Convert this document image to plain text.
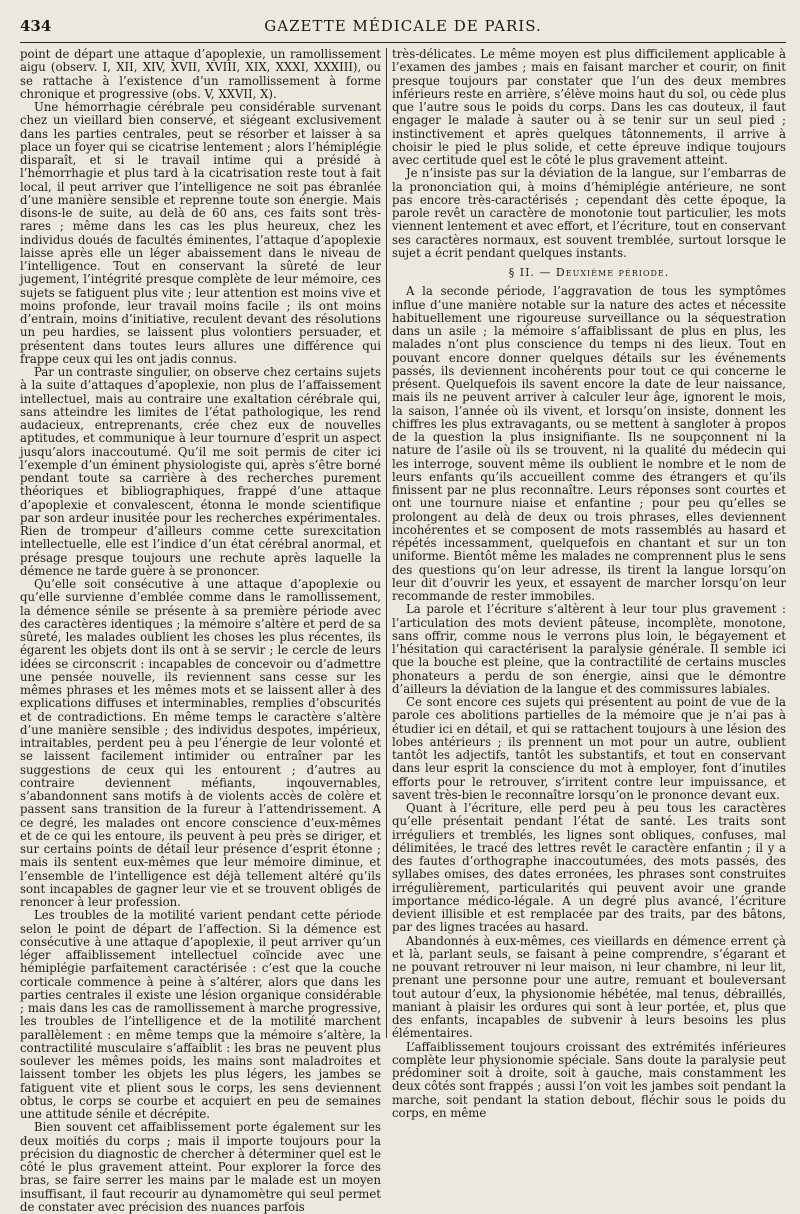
434	GAZETTE MÉDICALE DE PARIS.

point de départ une attaque d’apoplexie, un ramollissement aigu (observ. I, XII, XIV, XVII, XVIII, XIX, XXXI, XXXIII), ou se rattache à l’existence d’un ramollissement à forme chronique et progressive (obs. V, XXVII, X).

Une hémorrhagie cérébrale peu considérable survenant chez un vieillard bien conservé, et siégeant exclusivement dans les parties centrales, peut se résorber et laisser à sa place un foyer qui se cicatrise lentement ; alors l’hémiplégie disparaît, et si le travail intime qui a présidé à l’hémorrhagie et plus tard à la cicatrisation reste tout à fait local, il peut arriver que l’intelligence ne soit pas ébranlée d’une manière sensible et reprenne toute son énergie. Mais disons-le de suite, au delà de 60 ans, ces faits sont très-rares ; même dans les cas les plus heureux, chez les individus doués de facultés éminentes, l’attaque d’apoplexie laisse après elle un léger abaissement dans le niveau de l’intelligence. Tout en conservant la sûreté de leur jugement, l’intégrité presque complète de leur mémoire, ces sujets se fatiguent plus vite ; leur attention est moins vive et moins profonde, leur travail moins facile ; ils ont moins d’entrain, moins d’initiative, reculent devant des résolutions un peu hardies, se laissent plus volontiers persuader, et présentent dans toutes leurs allures une différence qui frappe ceux qui les ont jadis connus.

Par un contraste singulier, on observe chez certains sujets à la suite d’attaques d’apoplexie, non plus de l’affaissement intellectuel, mais au contraire une exaltation cérébrale qui, sans atteindre les limites de l’état pathologique, les rend audacieux, entreprenants, crée chez eux de nouvelles aptitudes, et communique à leur tournure d’esprit un aspect jusqu’alors inaccoutumé. Qu’il me soit permis de citer ici l’exemple d’un éminent physiologiste qui, après s’être borné pendant toute sa carrière à des recherches purement théoriques et bibliographiques, frappé d’une attaque d’apoplexie et convalescent, étonna le monde scientifique par son ardeur inusitée pour les recherches expérimentales. Rien de trompeur d’ailleurs comme cette surexcitation intellectuelle, elle est l’indice d’un état cérébral anormal, et présage presque toujours une rechute après laquelle la démence ne tarde guère à se prononcer.

Qu’elle soit consécutive à une attaque d’apoplexie ou qu’elle survienne d’emblée comme dans le ramollissement, la démence sénile se présente à sa première période avec des caractères identiques ; la mémoire s’altère et perd de sa sûreté, les malades oublient les choses les plus récentes, ils égarent les objets dont ils ont à se servir ; le cercle de leurs idées se circonscrit : incapables de concevoir ou d’admettre une pensée nouvelle, ils reviennent sans cesse sur les mêmes phrases et les mêmes mots et se laissent aller à des explications diffuses et interminables, remplies d’obscurités et de contradictions. En même temps le caractère s’altère d’une manière sensible ; des individus despotes, impérieux, intraitables, perdent peu à peu l’énergie de leur volonté et se laissent facilement intimider ou entraîner par les suggestions de ceux qui les entourent ; d’autres au contraire deviennent méfiants, inqouvernables, s’abandonnent sans motifs à de violents accès de colère et passent sans transition de la fureur à l’attendrissement. A ce degré, les malades ont encore conscience d’eux-mêmes et de ce qui les entoure, ils peuvent à peu près se diriger, et sur certains points de détail leur présence d’esprit étonne ; mais ils sentent eux-mêmes que leur mémoire diminue, et l’ensemble de l’intelligence est déjà tellement altéré qu’ils sont incapables de gagner leur vie et se trouvent obligés de renoncer à leur profession.

Les troubles de la motilité varient pendant cette période selon le point de départ de l’affection. Si la démence est consécutive à une attaque d’apoplexie, il peut arriver qu’un léger affaiblissement intellectuel coïncide avec une hémiplégie parfaitement caractérisée : c’est que la couche corticale commence à peine à s’altérer, alors que dans les parties centrales il existe une lésion organique considérable ; mais dans les cas de ramollissement à marche progressive, les troubles de l’intelligence et de la motilité marchent parallèlement : en même temps que la mémoire s’altère, la contractilité musculaire s’affaiblit : les bras ne peuvent plus soulever les mêmes poids, les mains sont maladroites et laissent tomber les objets les plus légers, les jambes se fatiguent vite et plient sous le corps, les sens deviennent obtus, le corps se courbe et acquiert en peu de semaines une attitude sénile et décrépite.

Bien souvent cet affaiblissement porte également sur les deux moitiés du corps ; mais il importe toujours pour la précision du diagnostic de chercher à déterminer quel est le côté le plus gravement atteint. Pour explorer la force des bras, se faire serrer les mains par le malade est un moyen insuffisant, il faut recourir au dynamomètre qui seul permet de constater avec précision des nuances parfois

très-délicates. Le même moyen est plus difficilement applicable à l’examen des jambes ; mais en faisant marcher et courir, on finit presque toujours par constater que l’un des deux membres inférieurs reste en arrière, s’élève moins haut du sol, ou cède plus que l’autre sous le poids du corps. Dans les cas douteux, il faut engager le malade à sauter ou à se tenir sur un seul pied ; instinctivement et après quelques tâtonnements, il arrive à choisir le pied le plus solide, et cette épreuve indique toujours avec certitude quel est le côté le plus gravement atteint.

Je n’insiste pas sur la déviation de la langue, sur l’embarras de la prononciation qui, à moins d’hémiplégie antérieure, ne sont pas encore très-caractérisés ; cependant dès cette époque, la parole revêt un caractère de monotonie tout particulier, les mots viennent lentement et avec effort, et l’écriture, tout en conservant ses caractères normaux, est souvent tremblée, surtout lorsque le sujet a écrit pendant quelques instants.

§ II. — Deuxième période.

A la seconde période, l’aggravation de tous les symptômes influe d’une manière notable sur la nature des actes et nécessite habituellement une rigoureuse surveillance ou la séquestration dans un asile ; la mémoire s’affaiblissant de plus en plus, les malades n’ont plus conscience du temps ni des lieux. Tout en pouvant encore donner quelques détails sur les événements passés, ils deviennent incohérents pour tout ce qui concerne le présent. Quelquefois ils savent encore la date de leur naissance, mais ils ne peuvent arriver à calculer leur âge, ignorent le mois, la saison, l’année où ils vivent, et lorsqu’on insiste, donnent les chiffres les plus extravagants, ou se mettent à sangloter à propos de la question la plus insignifiante. Ils ne soupçonnent ni la nature de l’asile où ils se trouvent, ni la qualité du médecin qui les interroge, souvent même ils oublient le nombre et le nom de leurs enfants qu’ils accueillent comme des étrangers et qu’ils finissent par ne plus reconnaître. Leurs réponses sont courtes et ont une tournure niaise et enfantine ; pour peu qu’elles se prolongent au delà de deux ou trois phrases, elles deviennent incohérentes et se composent de mots rassemblés au hasard et répétés incessamment, quelquefois en chantant et sur un ton uniforme. Bientôt même les malades ne comprennent plus le sens des questions qu’on leur adresse, ils tirent la langue lorsqu’on leur dit d’ouvrir les yeux, et essayent de marcher lorsqu’on leur recommande de rester immobiles.

La parole et l’écriture s’altèrent à leur tour plus gravement : l’articulation des mots devient pâteuse, incomplète, monotone, sans offrir, comme nous le verrons plus loin, le bégayement et l’hésitation qui caractérisent la paralysie générale. Il semble ici que la bouche est pleine, que la contractilité de certains muscles phonateurs a perdu de son énergie, ainsi que le démontre d’ailleurs la déviation de la langue et des commissures labiales.

Ce sont encore ces sujets qui présentent au point de vue de la parole ces abolitions partielles de la mémoire que je n’ai pas à étudier ici en détail, et qui se rattachent toujours à une lésion des lobes antérieurs ; ils prennent un mot pour un autre, oublient tantôt les adjectifs, tantôt les substantifs, et tout en conservant dans leur esprit la conscience du mot à employer, font d’inutiles efforts pour le retrouver, s’irritent contre leur impuissance, et savent très-bien le reconnaître lorsqu’on le prononce devant eux.

Quant à l’écriture, elle perd peu à peu tous les caractères qu’elle présentait pendant l’état de santé. Les traits sont irréguliers et tremblés, les lignes sont obliques, confuses, mal délimitées, le tracé des lettres revêt le caractère enfantin ; il y a des fautes d’orthographe inaccoutumées, des mots passés, des syllabes omises, des dates erronées, les phrases sont construites irrégulièrement, particularités qui peuvent avoir une grande importance médico-légale. A un degré plus avancé, l’écriture devient illisible et est remplacée par des traits, par des bâtons, par des lignes tracées au hasard.

Abandonnés à eux-mêmes, ces vieillards en démence errent çà et là, parlant seuls, se faisant à peine comprendre, s’égarant et ne pouvant retrouver ni leur maison, ni leur chambre, ni leur lit, prenant une personne pour une autre, remuant et bouleversant tout autour d’eux, la physionomie hébétée, mal tenus, débraillés, maniant à plaisir les ordures qui sont à leur portée, et, plus que des enfants, incapables de subvenir à leurs besoins les plus élémentaires.

L’affaiblissement toujours croissant des extrémités inférieures complète leur physionomie spéciale. Sans doute la paralysie peut prédominer soit à droite, soit à gauche, mais constamment les deux côtés sont frappés ; aussi l’on voit les jambes soit pendant la marche, soit pendant la station debout, fléchir sous le poids du corps, en même
